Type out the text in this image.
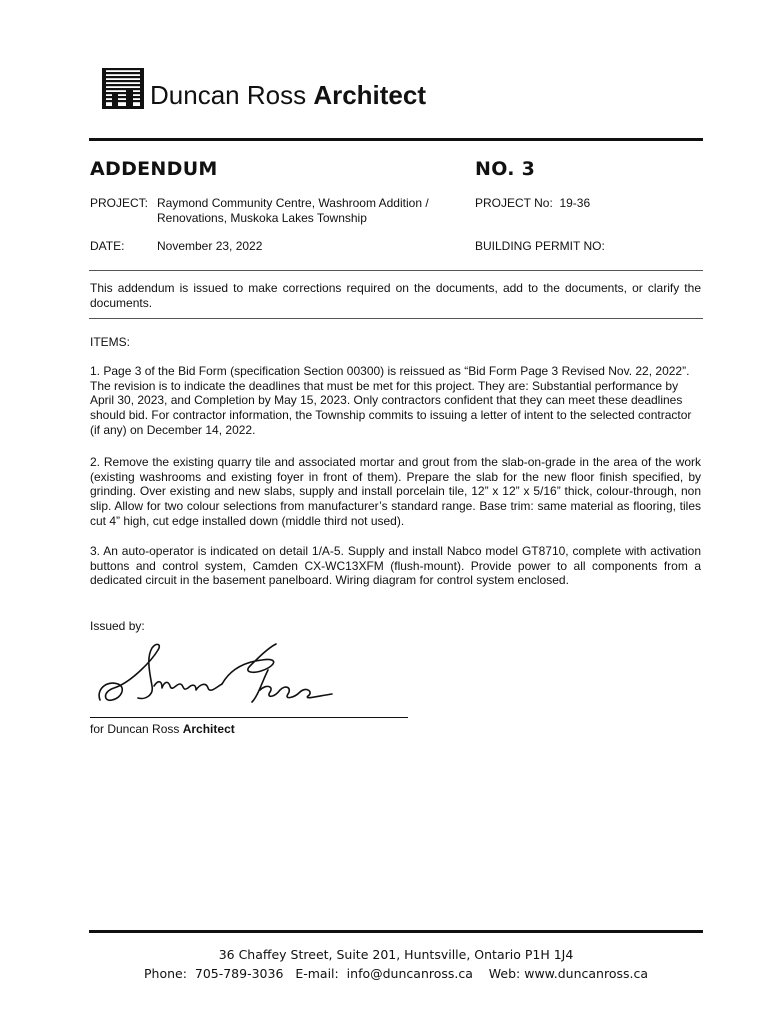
Duncan Ross Architect
ADDENDUM	NO. 3
PROJECT: Raymond Community Centre, Washroom Addition /
Renovations, Muskoka Lakes Township
PROJECT No:  19-36
DATE:	November 23, 2022	BUILDING PERMIT NO:
This addendum is issued to make corrections required on the documents, add to the documents, or clarify the documents.
ITEMS:
1. Page 3 of the Bid Form (specification Section 00300) is reissued as “Bid Form Page 3 Revised Nov. 22, 2022”. The revision is to indicate the deadlines that must be met for this project. They are: Substantial performance by April 30, 2023, and Completion by May 15, 2023. Only contractors confident that they can meet these deadlines should bid. For contractor information, the Township commits to issuing a letter of intent to the selected contractor (if any) on December 14, 2022.
2. Remove the existing quarry tile and associated mortar and grout from the slab-on-grade in the area of the work (existing washrooms and existing foyer in front of them). Prepare the slab for the new floor finish specified, by grinding. Over existing and new slabs, supply and install porcelain tile, 12” x 12” x 5/16” thick, colour-through, non slip. Allow for two colour selections from manufacturer’s standard range. Base trim: same material as flooring, tiles cut 4” high, cut edge installed down (middle third not used).
3. An auto-operator is indicated on detail 1/A-5. Supply and install Nabco model GT8710, complete with activation buttons and control system, Camden CX-WC13XFM (flush-mount). Provide power to all components from a dedicated circuit in the basement panelboard. Wiring diagram for control system enclosed.
Issued by:
for Duncan Ross Architect
36 Chaffey Street, Suite 201, Huntsville, Ontario P1H 1J4
Phone:  705-789-3036   E-mail:  info@duncanross.ca    Web: www.duncanross.ca
